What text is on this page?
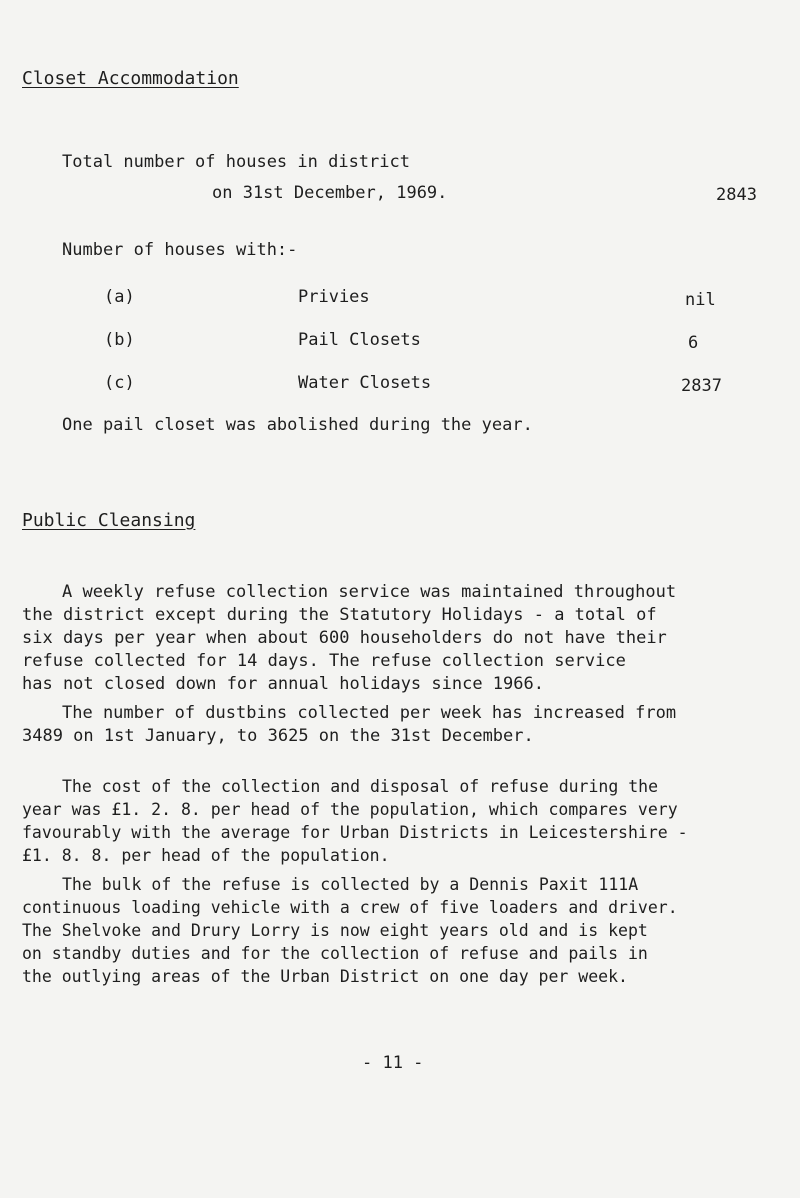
Closet Accommodation
Total number of houses in district
on 31st December, 1969.	2843
Number of houses with:-
(a)	Privies	nil
(b)	Pail Closets	6
(c)	Water Closets	2837
One pail closet was abolished during the year.
Public Cleansing

A weekly refuse collection service was maintained throughout
the district except during the Statutory Holidays - a total of
six days per year when about 600 householders do not have their
refuse collected for 14 days. The refuse collection service
has not closed down for annual holidays since 1966.

The number of dustbins collected per week has increased from
3489 on 1st January, to 3625 on the 31st December.

The cost of the collection and disposal of refuse during the
year was £1. 2. 8. per head of the population, which compares very
favourably with the average for Urban Districts in Leicestershire -
£1. 8. 8. per head of the population.

The bulk of the refuse is collected by a Dennis Paxit 111A
continuous loading vehicle with a crew of five loaders and driver.
The Shelvoke and Drury Lorry is now eight years old and is kept
on standby duties and for the collection of refuse and pails in
the outlying areas of the Urban District on one day per week.

- 11 -
